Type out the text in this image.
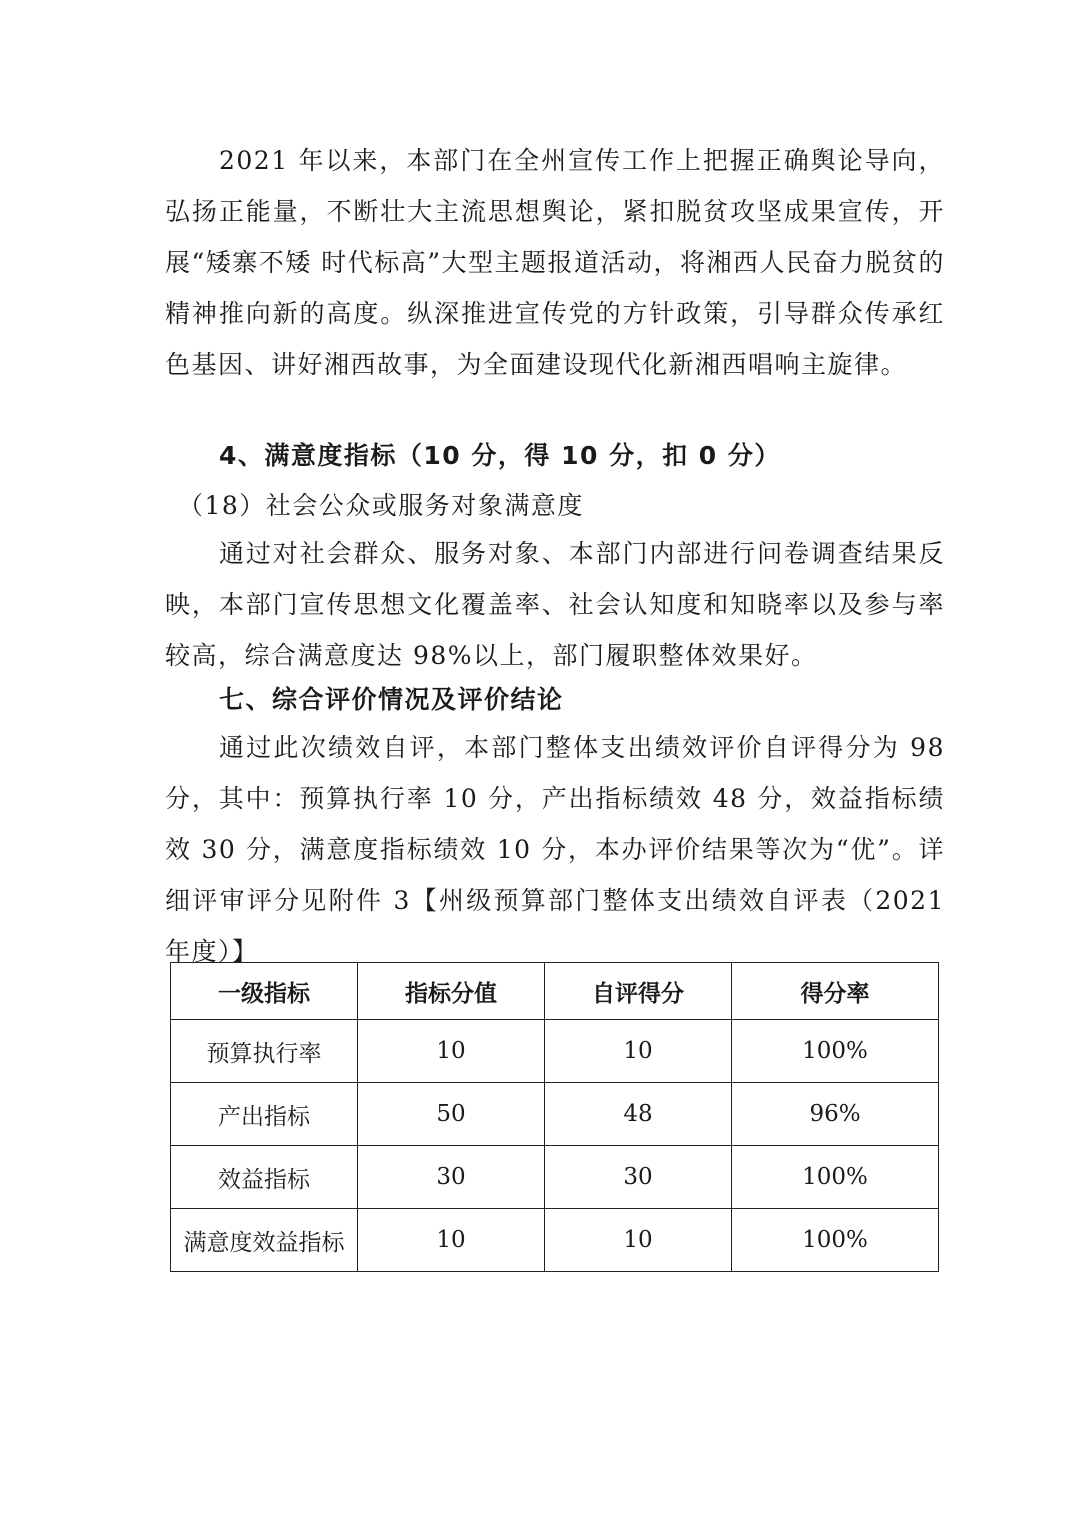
2021 年以来，本部门在全州宣传工作上把握正确舆论导向，弘扬正能量，不断壮大主流思想舆论，紧扣脱贫攻坚成果宣传，开展“矮寨不矮 时代标高”大型主题报道活动，将湘西人民奋力脱贫的精神推向新的高度。纵深推进宣传党的方针政策，引导群众传承红色基因、讲好湘西故事，为全面建设现代化新湘西唱响主旋律。

4、满意度指标（10 分，得 10 分，扣 0 分）

（18）社会公众或服务对象满意度

通过对社会群众、服务对象、本部门内部进行问卷调查结果反映，本部门宣传思想文化覆盖率、社会认知度和知晓率以及参与率较高，综合满意度达 98%以上，部门履职整体效果好。

七、综合评价情况及评价结论

通过此次绩效自评，本部门整体支出绩效评价自评得分为 98 分，其中：预算执行率 10 分，产出指标绩效 48 分，效益指标绩效 30 分，满意度指标绩效 10 分，本办评价结果等次为“优”。详细评审评分见附件 3【州级预算部门整体支出绩效自评表（2021 年度）】

一级指标	指标分值	自评得分	得分率
预算执行率	10	10	100%
产出指标	50	48	96%
效益指标	30	30	100%
满意度效益指标	10	10	100%
